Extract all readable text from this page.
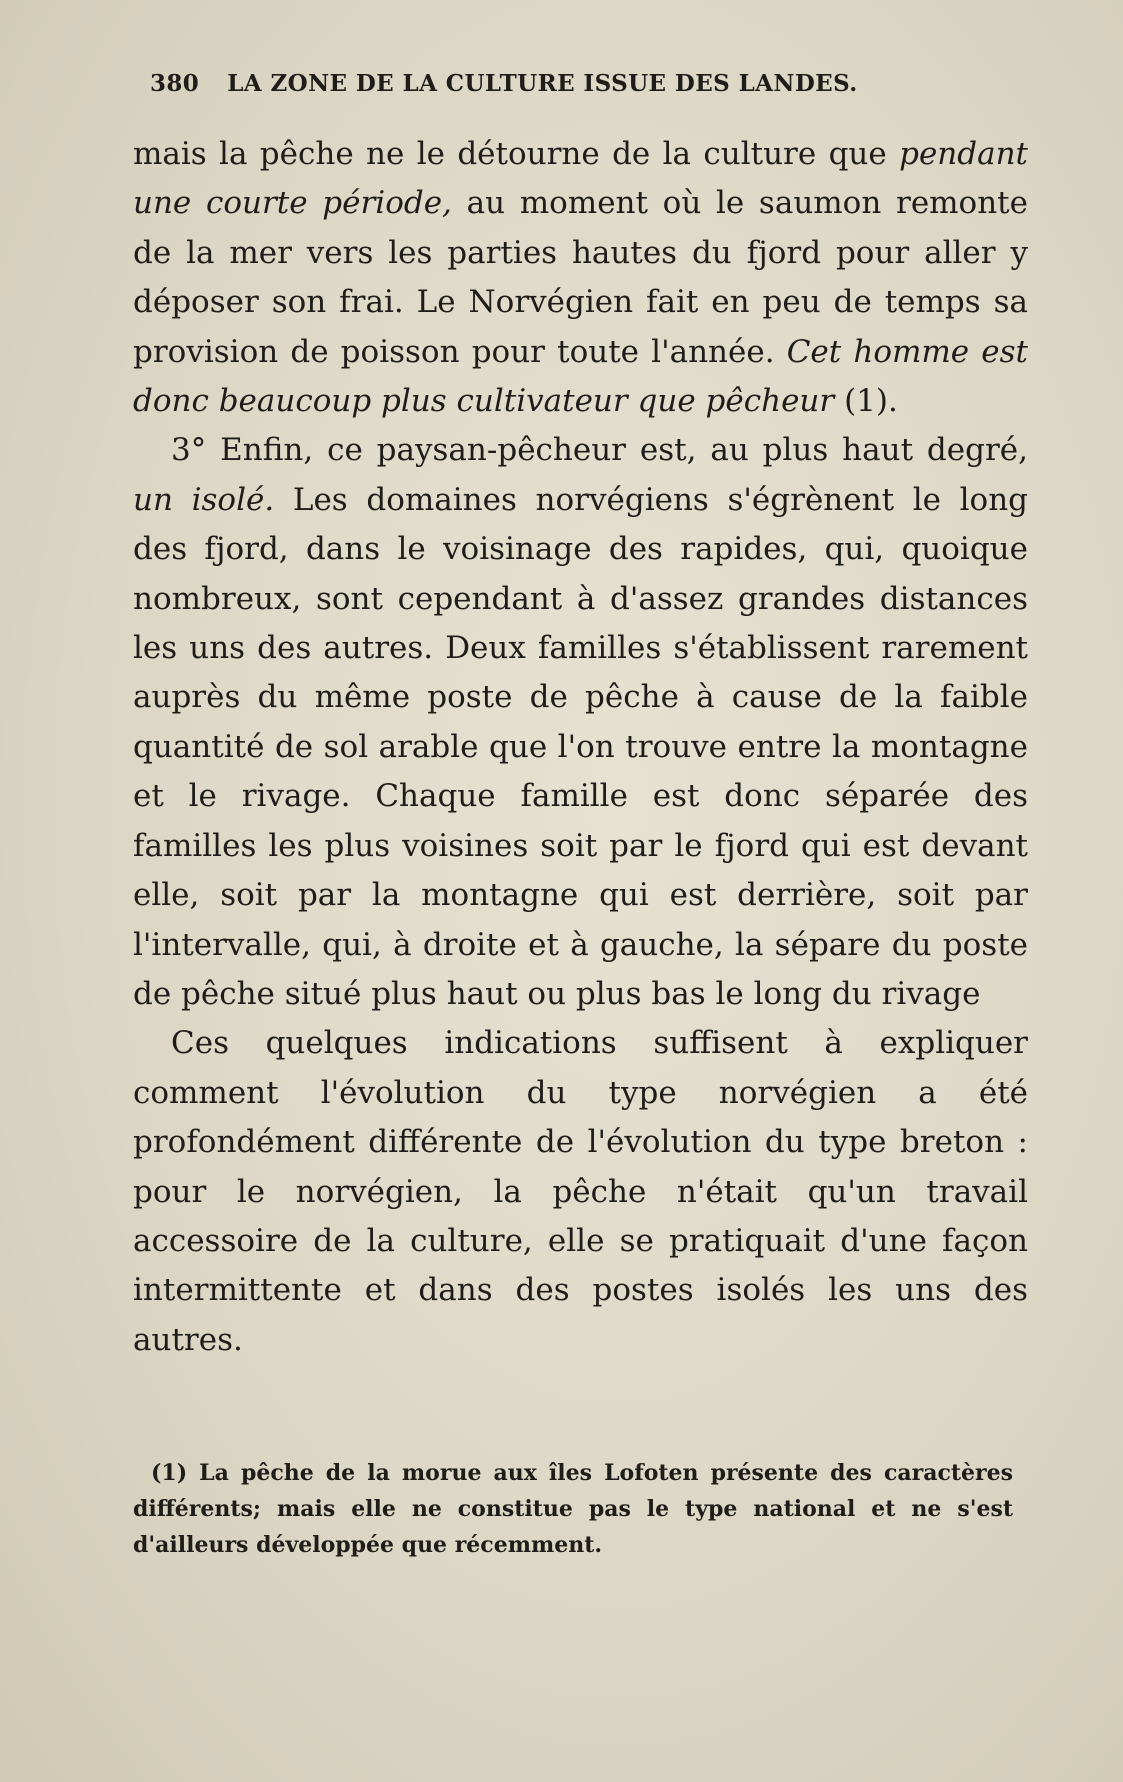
380 LA ZONE DE LA CULTURE ISSUE DES LANDES.

mais la pêche ne le détourne de la culture que pendant une courte période, au moment où le saumon remonte de la mer vers les parties hautes du fjord pour aller y déposer son frai. Le Norvégien fait en peu de temps sa provision de poisson pour toute l'année. Cet homme est donc beaucoup plus cultivateur que pêcheur (1).

3° Enfin, ce paysan-pêcheur est, au plus haut degré, un isolé. Les domaines norvégiens s'égrènent le long des fjord, dans le voisinage des rapides, qui, quoique nombreux, sont cependant à d'assez grandes distances les uns des autres. Deux familles s'établissent rarement auprès du même poste de pêche à cause de la faible quantité de sol arable que l'on trouve entre la montagne et le rivage. Chaque famille est donc séparée des familles les plus voisines soit par le fjord qui est devant elle, soit par la montagne qui est derrière, soit par l'intervalle, qui, à droite et à gauche, la sépare du poste de pêche situé plus haut ou plus bas le long du rivage

Ces quelques indications suffisent à expliquer comment l'évolution du type norvégien a été profondément différente de l'évolution du type breton : pour le norvégien, la pêche n'était qu'un travail accessoire de la culture, elle se pratiquait d'une façon intermittente et dans des postes isolés les uns des autres.

(1) La pêche de la morue aux îles Lofoten présente des caractères différents; mais elle ne constitue pas le type national et ne s'est d'ailleurs développée que récemment.
